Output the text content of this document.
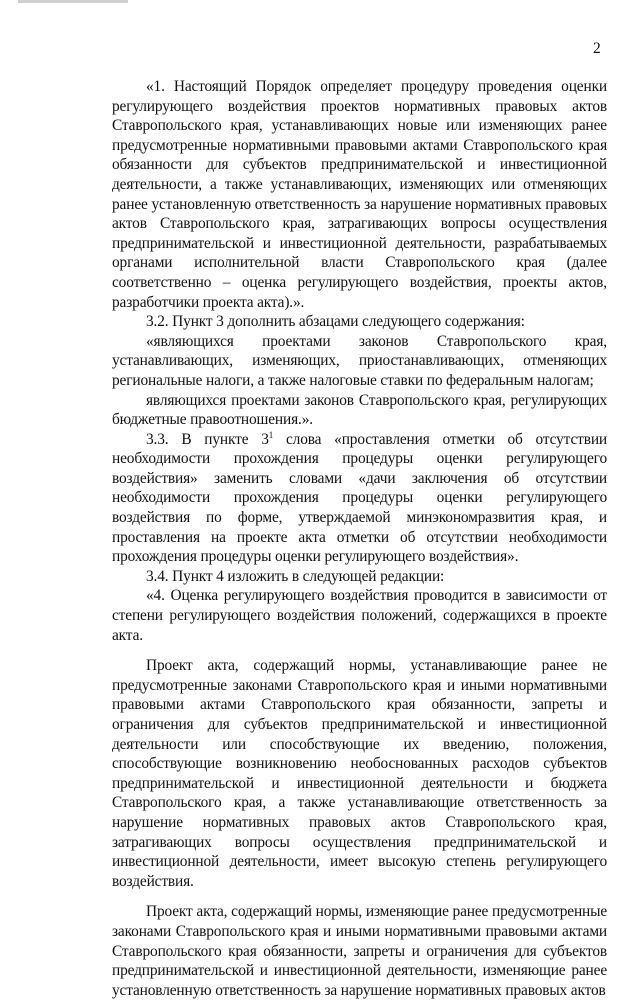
2

«1. Настоящий Порядок определяет процедуру проведения оценки регулирующего воздействия проектов нормативных правовых актов Ставропольского края, устанавливающих новые или изменяющих ранее предусмотренные нормативными правовыми актами Ставропольского края обязанности для субъектов предпринимательской и инвестиционной деятельности, а также устанавливающих, изменяющих или отменяющих ранее установленную ответственность за нарушение нормативных правовых актов Ставропольского края, затрагивающих вопросы осуществления предпринимательской и инвестиционной деятельности, разрабатываемых органами исполнительной власти Ставропольского края (далее соответственно – оценка регулирующего воздействия, проекты актов, разработчики проекта акта).».

3.2. Пункт 3 дополнить абзацами следующего содержания:

«являющихся проектами законов Ставропольского края, устанавливающих, изменяющих, приостанавливающих, отменяющих региональные налоги, а также налоговые ставки по федеральным налогам;

являющихся проектами законов Ставропольского края, регулирующих бюджетные правоотношения.».

3.3. В пункте $3^1$ слова «проставления отметки об отсутствии необходимости прохождения процедуры оценки регулирующего воздействия» заменить словами «дачи заключения об отсутствии необходимости прохождения процедуры оценки регулирующего воздействия по форме, утверждаемой минэкономразвития края, и проставления на проекте акта отметки об отсутствии необходимости прохождения процедуры оценки регулирующего воздействия».

3.4. Пункт 4 изложить в следующей редакции:

«4. Оценка регулирующего воздействия проводится в зависимости от степени регулирующего воздействия положений, содержащихся в проекте акта.

Проект акта, содержащий нормы, устанавливающие ранее не предусмотренные законами Ставропольского края и иными нормативными правовыми актами Ставропольского края обязанности, запреты и ограничения для субъектов предпринимательской и инвестиционной деятельности или способствующие их введению, положения, способствующие возникновению необоснованных расходов субъектов предпринимательской и инвестиционной деятельности и бюджета Ставропольского края, а также устанавливающие ответственность за нарушение нормативных правовых актов Ставропольского края, затрагивающих вопросы осуществления предпринимательской и инвестиционной деятельности, имеет высокую степень регулирующего воздействия.

Проект акта, содержащий нормы, изменяющие ранее предусмотренные законами Ставропольского края и иными нормативными правовыми актами Ставропольского края обязанности, запреты и ограничения для субъектов предпринимательской и инвестиционной деятельности, изменяющие ранее установленную ответственность за нарушение нормативных правовых актов
